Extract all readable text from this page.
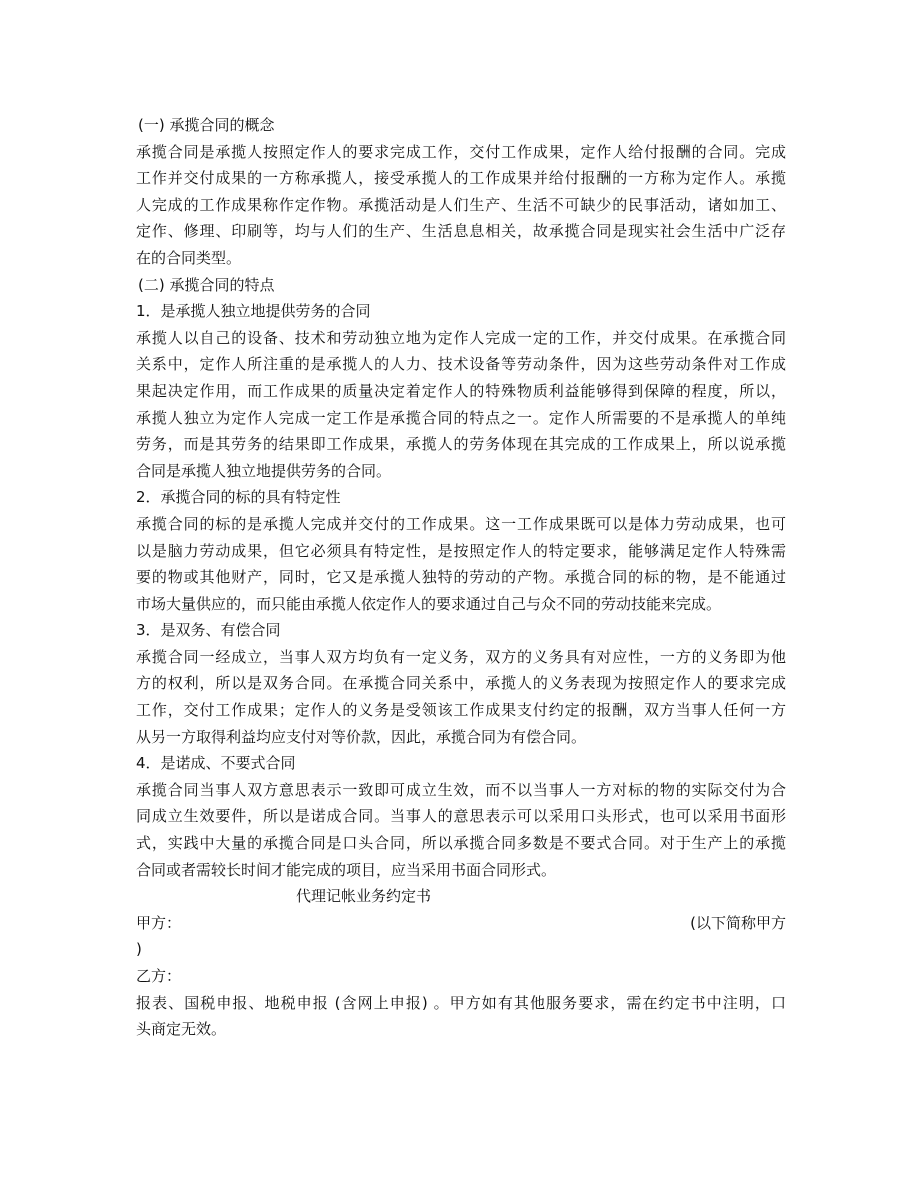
(一) 承揽合同的概念
承揽合同是承揽人按照定作人的要求完成工作，交付工作成果，定作人给付报酬的合同。完成
工作并交付成果的一方称承揽人，接受承揽人的工作成果并给付报酬的一方称为定作人。承揽
人完成的工作成果称作定作物。承揽活动是人们生产、生活不可缺少的民事活动，诸如加工、
定作、修理、印刷等，均与人们的生产、生活息息相关，故承揽合同是现实社会生活中广泛存
在的合同类型。
(二) 承揽合同的特点
1．是承揽人独立地提供劳务的合同
承揽人以自己的设备、技术和劳动独立地为定作人完成一定的工作，并交付成果。在承揽合同
关系中，定作人所注重的是承揽人的人力、技术设备等劳动条件，因为这些劳动条件对工作成
果起决定作用，而工作成果的质量决定着定作人的特殊物质利益能够得到保障的程度，所以，
承揽人独立为定作人完成一定工作是承揽合同的特点之一。定作人所需要的不是承揽人的单纯
劳务，而是其劳务的结果即工作成果，承揽人的劳务体现在其完成的工作成果上，所以说承揽
合同是承揽人独立地提供劳务的合同。
2．承揽合同的标的具有特定性
承揽合同的标的是承揽人完成并交付的工作成果。这一工作成果既可以是体力劳动成果，也可
以是脑力劳动成果，但它必须具有特定性，是按照定作人的特定要求，能够满足定作人特殊需
要的物或其他财产，同时，它又是承揽人独特的劳动的产物。承揽合同的标的物，是不能通过
市场大量供应的，而只能由承揽人依定作人的要求通过自己与众不同的劳动技能来完成。
3．是双务、有偿合同
承揽合同一经成立，当事人双方均负有一定义务，双方的义务具有对应性，一方的义务即为他
方的权利，所以是双务合同。在承揽合同关系中，承揽人的义务表现为按照定作人的要求完成
工作，交付工作成果；定作人的义务是受领该工作成果支付约定的报酬，双方当事人任何一方
从另一方取得利益均应支付对等价款，因此，承揽合同为有偿合同。
4．是诺成、不要式合同
承揽合同当事人双方意思表示一致即可成立生效，而不以当事人一方对标的物的实际交付为合
同成立生效要件，所以是诺成合同。当事人的意思表示可以采用口头形式，也可以采用书面形
式，实践中大量的承揽合同是口头合同，所以承揽合同多数是不要式合同。对于生产上的承揽
合同或者需较长时间才能完成的项目，应当采用书面合同形式。
代理记帐业务约定书
甲方：	(以下简称甲方
)
乙方：
报表、国税申报、地税申报 (含网上申报) 。甲方如有其他服务要求，需在约定书中注明，口
头商定无效。
